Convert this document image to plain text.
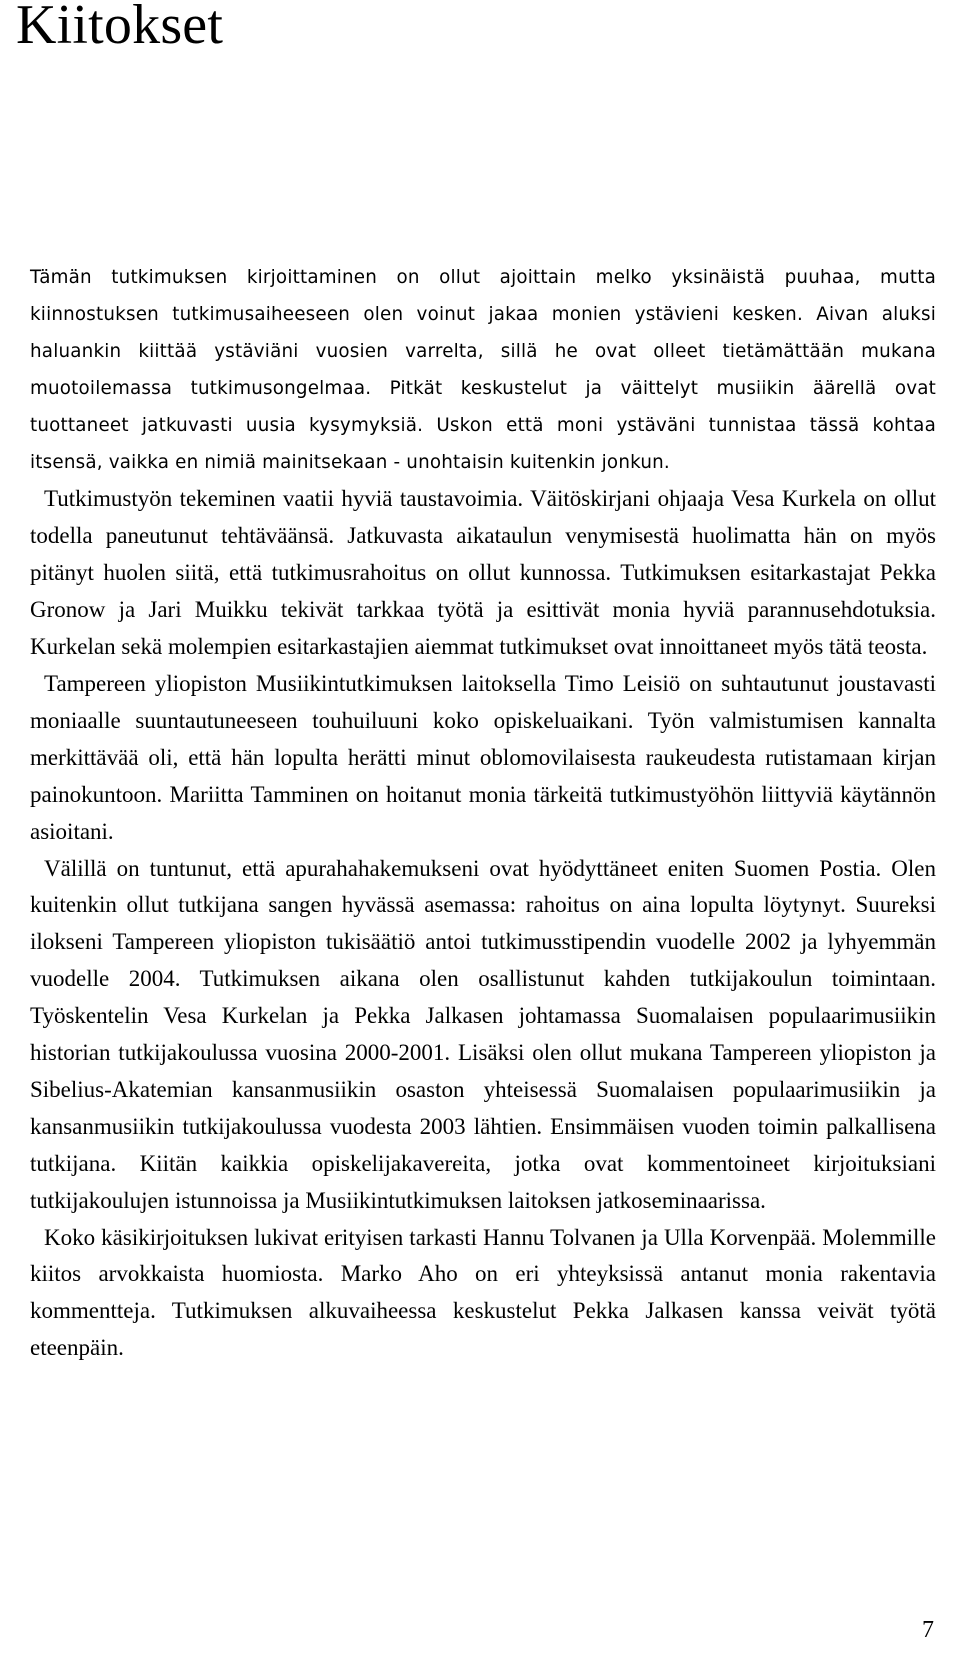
Kiitokset

Tämän tutkimuksen kirjoittaminen on ollut ajoittain melko yksinäistä puuhaa, mutta kiinnostuksen tutkimusaiheeseen olen voinut jakaa monien ystävieni kesken. Aivan aluksi haluankin kiittää ystäviäni vuosien varrelta, sillä he ovat olleet tietämättään mukana muotoilemassa tutkimusongelmaa. Pitkät keskustelut ja väittelyt musiikin äärellä ovat tuottaneet jatkuvasti uusia kysymyksiä. Uskon että moni ystäväni tunnistaa tässä kohtaa itsensä, vaikka en nimiä mainitsekaan - unohtaisin kuitenkin jonkun.

Tutkimustyön tekeminen vaatii hyviä taustavoimia. Väitöskirjani ohjaaja Vesa Kurkela on ollut todella paneutunut tehtäväänsä. Jatkuvasta aikataulun venymisestä huolimatta hän on myös pitänyt huolen siitä, että tutkimusrahoitus on ollut kunnossa. Tutkimuksen esitarkastajat Pekka Gronow ja Jari Muikku tekivät tarkkaa työtä ja esittivät monia hyviä parannusehdotuksia. Kurkelan sekä molempien esitarkastajien aiemmat tutkimukset ovat innoittaneet myös tätä teosta.

Tampereen yliopiston Musiikintutkimuksen laitoksella Timo Leisiö on suhtautunut joustavasti moniaalle suuntautuneeseen touhuiluuni koko opiskeluaikani. Työn valmistumisen kannalta merkittävää oli, että hän lopulta herätti minut oblomovilaisesta raukeudesta rutistamaan kirjan painokuntoon. Mariitta Tamminen on hoitanut monia tärkeitä tutkimustyöhön liittyviä käytännön asioitani.

Välillä on tuntunut, että apurahahakemukseni ovat hyödyttäneet eniten Suomen Postia. Olen kuitenkin ollut tutkijana sangen hyvässä asemassa: rahoitus on aina lopulta löytynyt. Suureksi ilokseni Tampereen yliopiston tukisäätiö antoi tutkimusstipendin vuodelle 2002 ja lyhyemmän vuodelle 2004. Tutkimuksen aikana olen osallistunut kahden tutkijakoulun toimintaan. Työskentelin Vesa Kurkelan ja Pekka Jalkasen johtamassa Suomalaisen populaarimusiikin historian tutkijakoulussa vuosina 2000-2001. Lisäksi olen ollut mukana Tampereen yliopiston ja Sibelius-Akatemian kansanmusiikin osaston yhteisessä Suomalaisen populaarimusiikin ja kansanmusiikin tutkijakoulussa vuodesta 2003 lähtien. Ensimmäisen vuoden toimin palkallisena tutkijana. Kiitän kaikkia opiskelijakavereita, jotka ovat kommentoineet kirjoituksiani tutkijakoulujen istunnoissa ja Musiikintutkimuksen laitoksen jatkoseminaarissa.

Koko käsikirjoituksen lukivat erityisen tarkasti Hannu Tolvanen ja Ulla Korvenpää. Molemmille kiitos arvokkaista huomiosta. Marko Aho on eri yhteyksissä antanut monia rakentavia kommentteja. Tutkimuksen alkuvaiheessa keskustelut Pekka Jalkasen kanssa veivät työtä eteenpäin.

7
